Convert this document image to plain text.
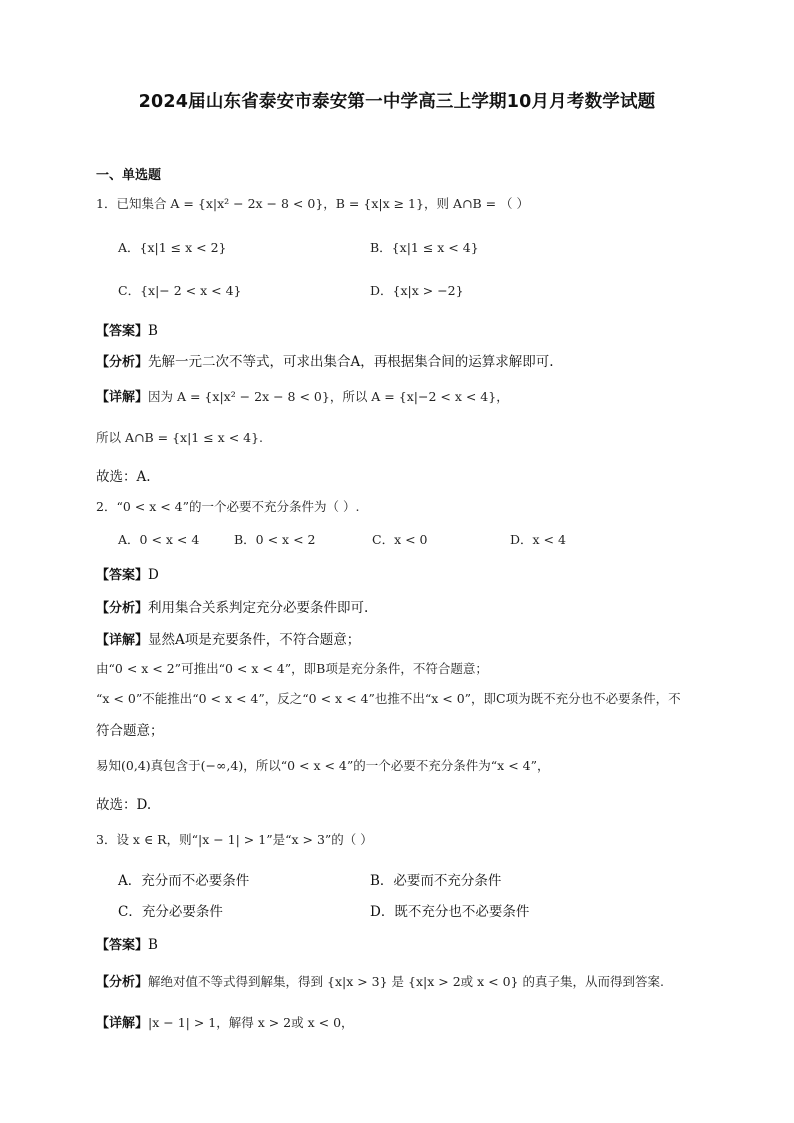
2024届山东省泰安市泰安第一中学高三上学期10月月考数学试题
一、单选题
1．已知集合 A = {x|x² − 2x − 8 < 0}，B = {x|x ≥ 1}，则 A∩B = （ ）
A．{x|1 ≤ x < 2}	B．{x|1 ≤ x < 4}
C．{x|− 2 < x < 4}	D．{x|x > −2}
【答案】B
【分析】先解一元二次不等式，可求出集合A，再根据集合间的运算求解即可.
【详解】因为 A = {x|x² − 2x − 8 < 0}，所以 A = {x|−2 < x < 4}，
所以 A∩B = {x|1 ≤ x < 4}.
故选：A.
2．“0 < x < 4”的一个必要不充分条件为（ ）.
A．0 < x < 4	B．0 < x < 2	C．x < 0	D．x < 4
【答案】D
【分析】利用集合关系判定充分必要条件即可.
【详解】显然A项是充要条件，不符合题意；
由“0 < x < 2”可推出“0 < x < 4”，即B项是充分条件，不符合题意；
“x < 0”不能推出“0 < x < 4”，反之“0 < x < 4”也推不出“x < 0”，即C项为既不充分也不必要条件，不
符合题意；
易知(0,4)真包含于(−∞,4)，所以“0 < x < 4”的一个必要不充分条件为“x < 4”，
故选：D.
3．设 x ∈ R，则“|x − 1| > 1”是“x > 3”的（ ）
A．充分而不必要条件	B．必要而不充分条件
C．充分必要条件	D．既不充分也不必要条件
【答案】B
【分析】解绝对值不等式得到解集，得到 {x|x > 3} 是 {x|x > 2或 x < 0} 的真子集，从而得到答案.
【详解】|x − 1| > 1，解得 x > 2或 x < 0，
